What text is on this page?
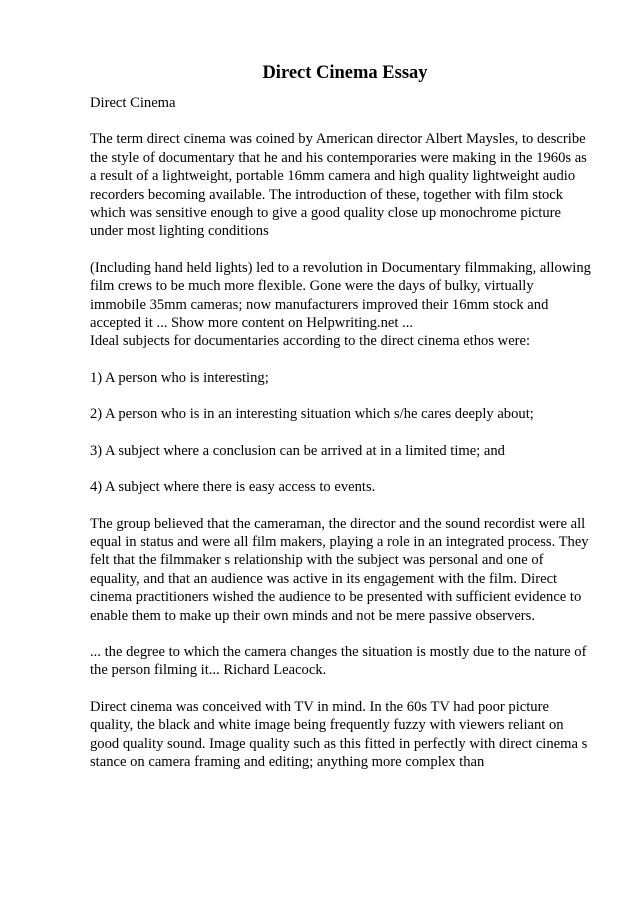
Direct Cinema Essay
Direct Cinema
The term direct cinema was coined by American director Albert Maysles, to describe
the style of documentary that he and his contemporaries were making in the 1960s as
a result of a lightweight, portable 16mm camera and high quality lightweight audio
recorders becoming available. The introduction of these, together with film stock
which was sensitive enough to give a good quality close up monochrome picture
under most lighting conditions
(Including hand held lights) led to a revolution in Documentary filmmaking, allowing
film crews to be much more flexible. Gone were the days of bulky, virtually
immobile 35mm cameras; now manufacturers improved their 16mm stock and
accepted it ... Show more content on Helpwriting.net ...
Ideal subjects for documentaries according to the direct cinema ethos were:
1) A person who is interesting;
2) A person who is in an interesting situation which s/he cares deeply about;
3) A subject where a conclusion can be arrived at in a limited time; and
4) A subject where there is easy access to events.
The group believed that the cameraman, the director and the sound recordist were all
equal in status and were all film makers, playing a role in an integrated process. They
felt that the filmmaker s relationship with the subject was personal and one of
equality, and that an audience was active in its engagement with the film. Direct
cinema practitioners wished the audience to be presented with sufficient evidence to
enable them to make up their own minds and not be mere passive observers.
... the degree to which the camera changes the situation is mostly due to the nature of
the person filming it... Richard Leacock.
Direct cinema was conceived with TV in mind. In the 60s TV had poor picture
quality, the black and white image being frequently fuzzy with viewers reliant on
good quality sound. Image quality such as this fitted in perfectly with direct cinema s
stance on camera framing and editing; anything more complex than
